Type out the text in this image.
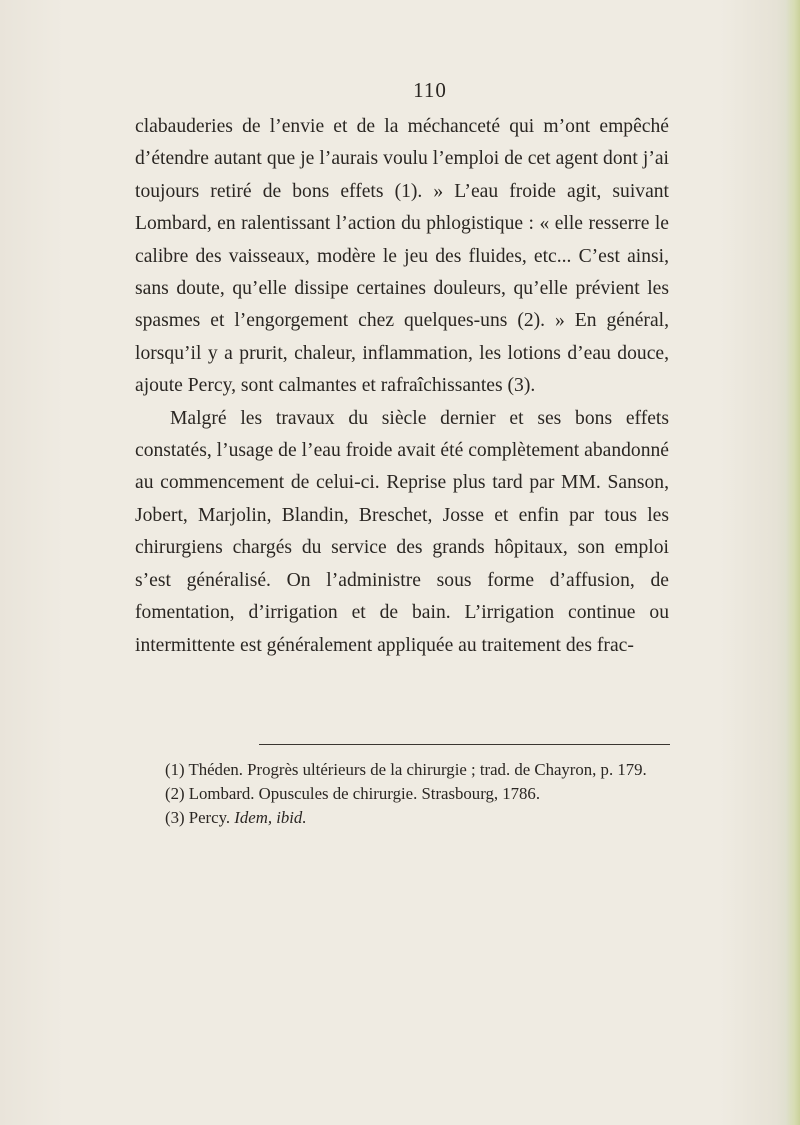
110

clabauderies de l’envie et de la méchanceté qui m’ont empêché d’étendre autant que je l’aurais voulu l’emploi de cet agent dont j’ai toujours retiré de bons effets (1). » L’eau froide agit, suivant Lombard, en ralentissant l’action du phlogistique : « elle resserre le calibre des vaisseaux, modère le jeu des fluides, etc... C’est ainsi, sans doute, qu’elle dissipe certaines douleurs, qu’elle prévient les spasmes et l’engorgement chez quelques-uns (2). » En général, lorsqu’il y a prurit, chaleur, inflammation, les lotions d’eau douce, ajoute Percy, sont calmantes et rafraîchissantes (3).

Malgré les travaux du siècle dernier et ses bons effets constatés, l’usage de l’eau froide avait été complètement abandonné au commencement de celui-ci. Reprise plus tard par MM. Sanson, Jobert, Marjolin, Blandin, Breschet, Josse et enfin par tous les chirurgiens chargés du service des grands hôpitaux, son emploi s’est généralisé. On l’administre sous forme d’affusion, de fomentation, d’irrigation et de bain. L’irrigation continue ou intermittente est généralement appliquée au traitement des frac-

(1) Théden. Progrès ultérieurs de la chirurgie ; trad. de Chayron, p. 179.

(2) Lombard. Opuscules de chirurgie. Strasbourg, 1786.

(3) Percy. Idem, ibid.
